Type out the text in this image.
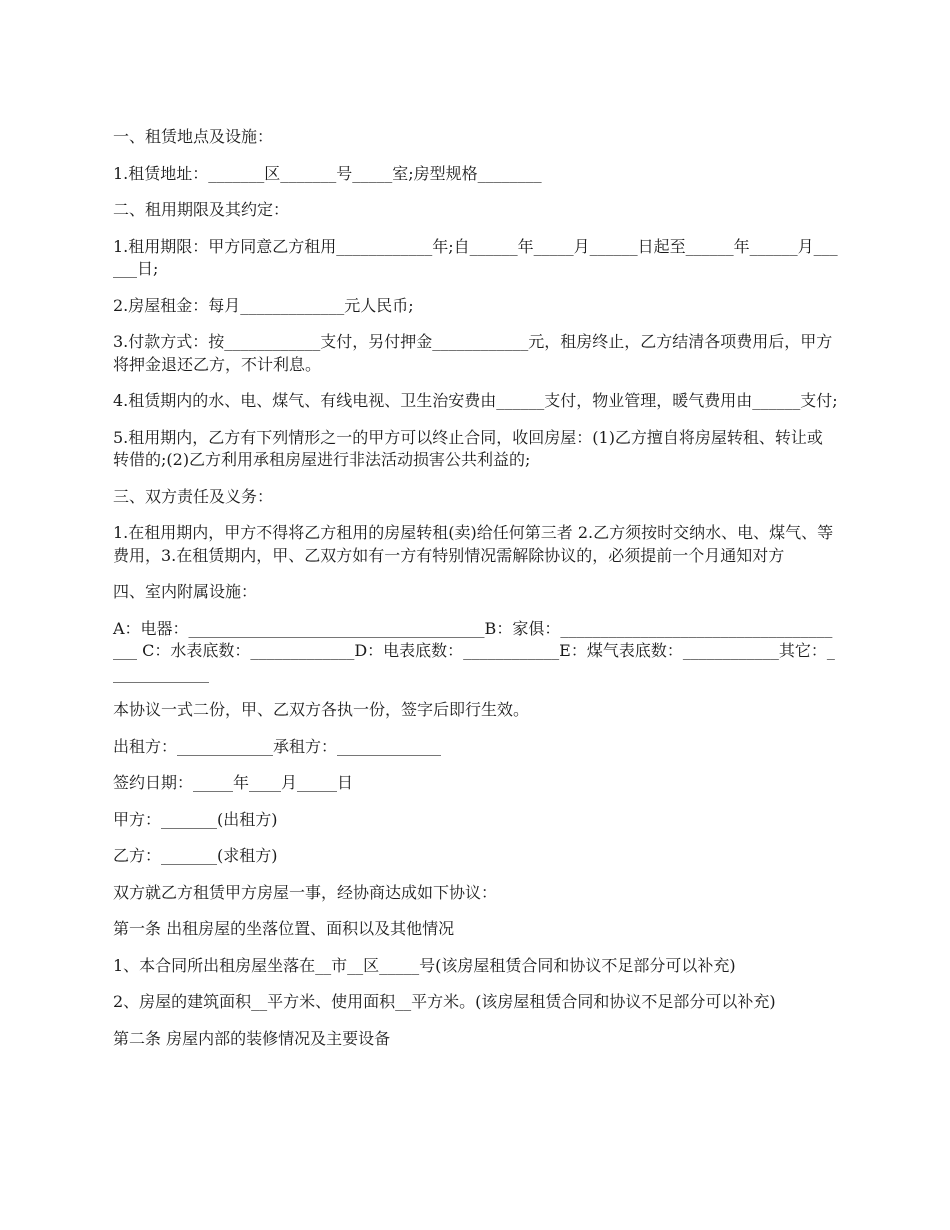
一、租赁地点及设施：

1.租赁地址：_______区_______号_____室;房型规格________

二、租用期限及其约定：

1.租用期限：甲方同意乙方租用____________年;自______年_____月______日起至______年______月______日;

2.房屋租金：每月_____________元人民币;

3.付款方式：按____________支付，另付押金____________元，租房终止，乙方结清各项费用后，甲方将押金退还乙方，不计利息。

4.租赁期内的水、电、煤气、有线电视、卫生治安费由______支付，物业管理，暖气费用由______支付;

5.租用期内，乙方有下列情形之一的甲方可以终止合同，收回房屋：(1)乙方擅自将房屋转租、转让或转借的;(2)乙方利用承租房屋进行非法活动损害公共利益的;

三、双方责任及义务：

1.在租用期内，甲方不得将乙方租用的房屋转租(卖)给任何第三者 2.乙方须按时交纳水、电、煤气、等费用，3.在租赁期内，甲、乙双方如有一方有特别情况需解除协议的，必须提前一个月通知对方

四、室内附属设施：

A：电器：_____________________________________B：家俱：_____________________________________ C：水表底数：_____________D：电表底数：____________E：煤气表底数：____________其它：_____________

本协议一式二份，甲、乙双方各执一份，签字后即行生效。

出租方：____________承租方：_____________

签约日期：_____年____月_____日

甲方：_______(出租方)

乙方：_______(求租方)

双方就乙方租赁甲方房屋一事，经协商达成如下协议：

第一条 出租房屋的坐落位置、面积以及其他情况

1、本合同所出租房屋坐落在__市__区_____号(该房屋租赁合同和协议不足部分可以补充)

2、房屋的建筑面积__平方米、使用面积__平方米。(该房屋租赁合同和协议不足部分可以补充)

第二条 房屋内部的装修情况及主要设备
